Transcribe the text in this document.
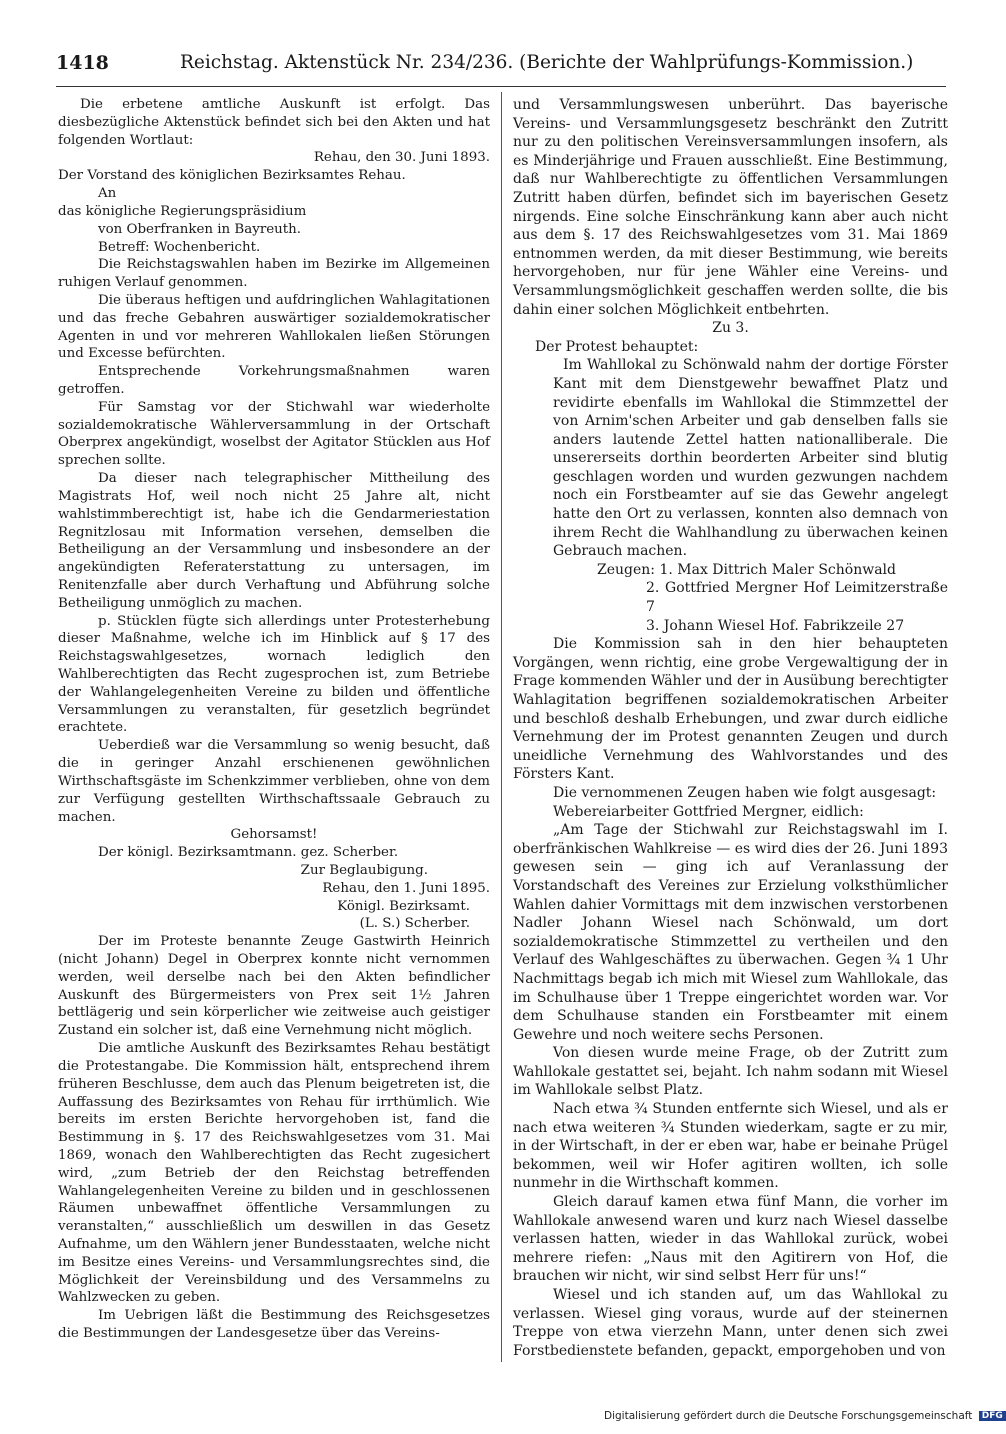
1418	Reichstag. Aktenstück Nr. 234/236. (Berichte der Wahlprüfungs-Kommission.)

Die erbetene amtliche Auskunft ist erfolgt. Das diesbezügliche Aktenstück befindet sich bei den Akten und hat folgenden Wortlaut:

Rehau, den 30. Juni 1893.

Der Vorstand des königlichen Bezirksamtes Rehau.

An

das königliche Regierungspräsidium

von Oberfranken in Bayreuth.

Betreff: Wochenbericht.

Die Reichstagswahlen haben im Bezirke im Allgemeinen ruhigen Verlauf genommen.

Die überaus heftigen und aufdringlichen Wahlagitationen und das freche Gebahren auswärtiger sozialdemokratischer Agenten in und vor mehreren Wahllokalen ließen Störungen und Excesse befürchten.

Entsprechende Vorkehrungsmaßnahmen waren getroffen.

Für Samstag vor der Stichwahl war wiederholte sozialdemokratische Wählerversammlung in der Ortschaft Oberprex angekündigt, woselbst der Agitator Stücklen aus Hof sprechen sollte.

Da dieser nach telegraphischer Mittheilung des Magistrats Hof, weil noch nicht 25 Jahre alt, nicht wahlstimmberechtigt ist, habe ich die Gendarmeriestation Regnitzlosau mit Information versehen, demselben die Betheiligung an der Versammlung und insbesondere an der angekündigten Referaterstattung zu untersagen, im Renitenzfalle aber durch Verhaftung und Abführung solche Betheiligung unmöglich zu machen.

p. Stücklen fügte sich allerdings unter Protesterhebung dieser Maßnahme, welche ich im Hinblick auf § 17 des Reichstagswahlgesetzes, wornach lediglich den Wahlberechtigten das Recht zugesprochen ist, zum Betriebe der Wahlangelegenheiten Vereine zu bilden und öffentliche Versammlungen zu veranstalten, für gesetzlich begründet erachtete.

Ueberdieß war die Versammlung so wenig besucht, daß die in geringer Anzahl erschienenen gewöhnlichen Wirthschaftsgäste im Schenkzimmer verblieben, ohne von dem zur Verfügung gestellten Wirthschaftssaale Gebrauch zu machen.

Gehorsamst!

Der königl. Bezirksamtmann. gez. Scherber.

Zur Beglaubigung.

Rehau, den 1. Juni 1895.

Königl. Bezirksamt.

(L. S.) Scherber.

Der im Proteste benannte Zeuge Gastwirth Heinrich (nicht Johann) Degel in Oberprex konnte nicht vernommen werden, weil derselbe nach bei den Akten befindlicher Auskunft des Bürgermeisters von Prex seit 1½ Jahren bettlägerig und sein körperlicher wie zeitweise auch geistiger Zustand ein solcher ist, daß eine Vernehmung nicht möglich.

Die amtliche Auskunft des Bezirksamtes Rehau bestätigt die Protestangabe. Die Kommission hält, entsprechend ihrem früheren Beschlusse, dem auch das Plenum beigetreten ist, die Auffassung des Bezirksamtes von Rehau für irrthümlich. Wie bereits im ersten Berichte hervorgehoben ist, fand die Bestimmung in §. 17 des Reichswahlgesetzes vom 31. Mai 1869, wonach den Wahlberechtigten das Recht zugesichert wird, „zum Betrieb der den Reichstag betreffenden Wahlangelegenheiten Vereine zu bilden und in geschlossenen Räumen unbewaffnet öffentliche Versammlungen zu veranstalten,“ ausschließlich um deswillen in das Gesetz Aufnahme, um den Wählern jener Bundesstaaten, welche nicht im Besitze eines Vereins- und Versammlungsrechtes sind, die Möglichkeit der Vereinsbildung und des Versammelns zu Wahlzwecken zu geben.

Im Uebrigen läßt die Bestimmung des Reichsgesetzes die Bestimmungen der Landesgesetze über das Vereins-

und Versammlungswesen unberührt. Das bayerische Vereins- und Versammlungsgesetz beschränkt den Zutritt nur zu den politischen Vereinsversammlungen insofern, als es Minderjährige und Frauen ausschließt. Eine Bestimmung, daß nur Wahlberechtigte zu öffentlichen Versammlungen Zutritt haben dürfen, befindet sich im bayerischen Gesetz nirgends. Eine solche Einschränkung kann aber auch nicht aus dem §. 17 des Reichswahlgesetzes vom 31. Mai 1869 entnommen werden, da mit dieser Bestimmung, wie bereits hervorgehoben, nur für jene Wähler eine Vereins- und Versammlungsmöglichkeit geschaffen werden sollte, die bis dahin einer solchen Möglichkeit entbehrten.

Zu 3.

Der Protest behauptet:

Im Wahllokal zu Schönwald nahm der dortige Förster Kant mit dem Dienstgewehr bewaffnet Platz und revidirte ebenfalls im Wahllokal die Stimmzettel der von Arnim'schen Arbeiter und gab denselben falls sie anders lautende Zettel hatten nationalliberale. Die unsererseits dorthin beorderten Arbeiter sind blutig geschlagen worden und wurden gezwungen nachdem noch ein Forstbeamter auf sie das Gewehr angelegt hatte den Ort zu verlassen, konnten also demnach von ihrem Recht die Wahlhandlung zu überwachen keinen Gebrauch machen.

Zeugen: 1. Max Dittrich Maler Schönwald

2. Gottfried Mergner Hof Leimitzerstraße 7

3. Johann Wiesel Hof. Fabrikzeile 27

Die Kommission sah in den hier behaupteten Vorgängen, wenn richtig, eine grobe Vergewaltigung der in Frage kommenden Wähler und der in Ausübung berechtigter Wahlagitation begriffenen sozialdemokratischen Arbeiter und beschloß deshalb Erhebungen, und zwar durch eidliche Vernehmung der im Protest genannten Zeugen und durch uneidliche Vernehmung des Wahlvorstandes und des Försters Kant.

Die vernommenen Zeugen haben wie folgt ausgesagt:

Webereiarbeiter Gottfried Mergner, eidlich:

„Am Tage der Stichwahl zur Reichstagswahl im I. oberfränkischen Wahlkreise — es wird dies der 26. Juni 1893 gewesen sein — ging ich auf Veranlassung der Vorstandschaft des Vereines zur Erzielung volksthümlicher Wahlen dahier Vormittags mit dem inzwischen verstorbenen Nadler Johann Wiesel nach Schönwald, um dort sozialdemokratische Stimmzettel zu vertheilen und den Verlauf des Wahlgeschäftes zu überwachen. Gegen ¾ 1 Uhr Nachmittags begab ich mich mit Wiesel zum Wahllokale, das im Schulhause über 1 Treppe eingerichtet worden war. Vor dem Schulhause standen ein Forstbeamter mit einem Gewehre und noch weitere sechs Personen.

Von diesen wurde meine Frage, ob der Zutritt zum Wahllokale gestattet sei, bejaht. Ich nahm sodann mit Wiesel im Wahllokale selbst Platz.

Nach etwa ¾ Stunden entfernte sich Wiesel, und als er nach etwa weiteren ¾ Stunden wiederkam, sagte er zu mir, in der Wirtschaft, in der er eben war, habe er beinahe Prügel bekommen, weil wir Hofer agitiren wollten, ich solle nunmehr in die Wirthschaft kommen.

Gleich darauf kamen etwa fünf Mann, die vorher im Wahllokale anwesend waren und kurz nach Wiesel dasselbe verlassen hatten, wieder in das Wahllokal zurück, wobei mehrere riefen: „Naus mit den Agitirern von Hof, die brauchen wir nicht, wir sind selbst Herr für uns!“

Wiesel und ich standen auf, um das Wahllokal zu verlassen. Wiesel ging voraus, wurde auf der steinernen Treppe von etwa vierzehn Mann, unter denen sich zwei Forstbedienstete befanden, gepackt, emporgehoben und von

Digitalisierung gefördert durch die Deutsche Forschungsgemeinschaft DFG
